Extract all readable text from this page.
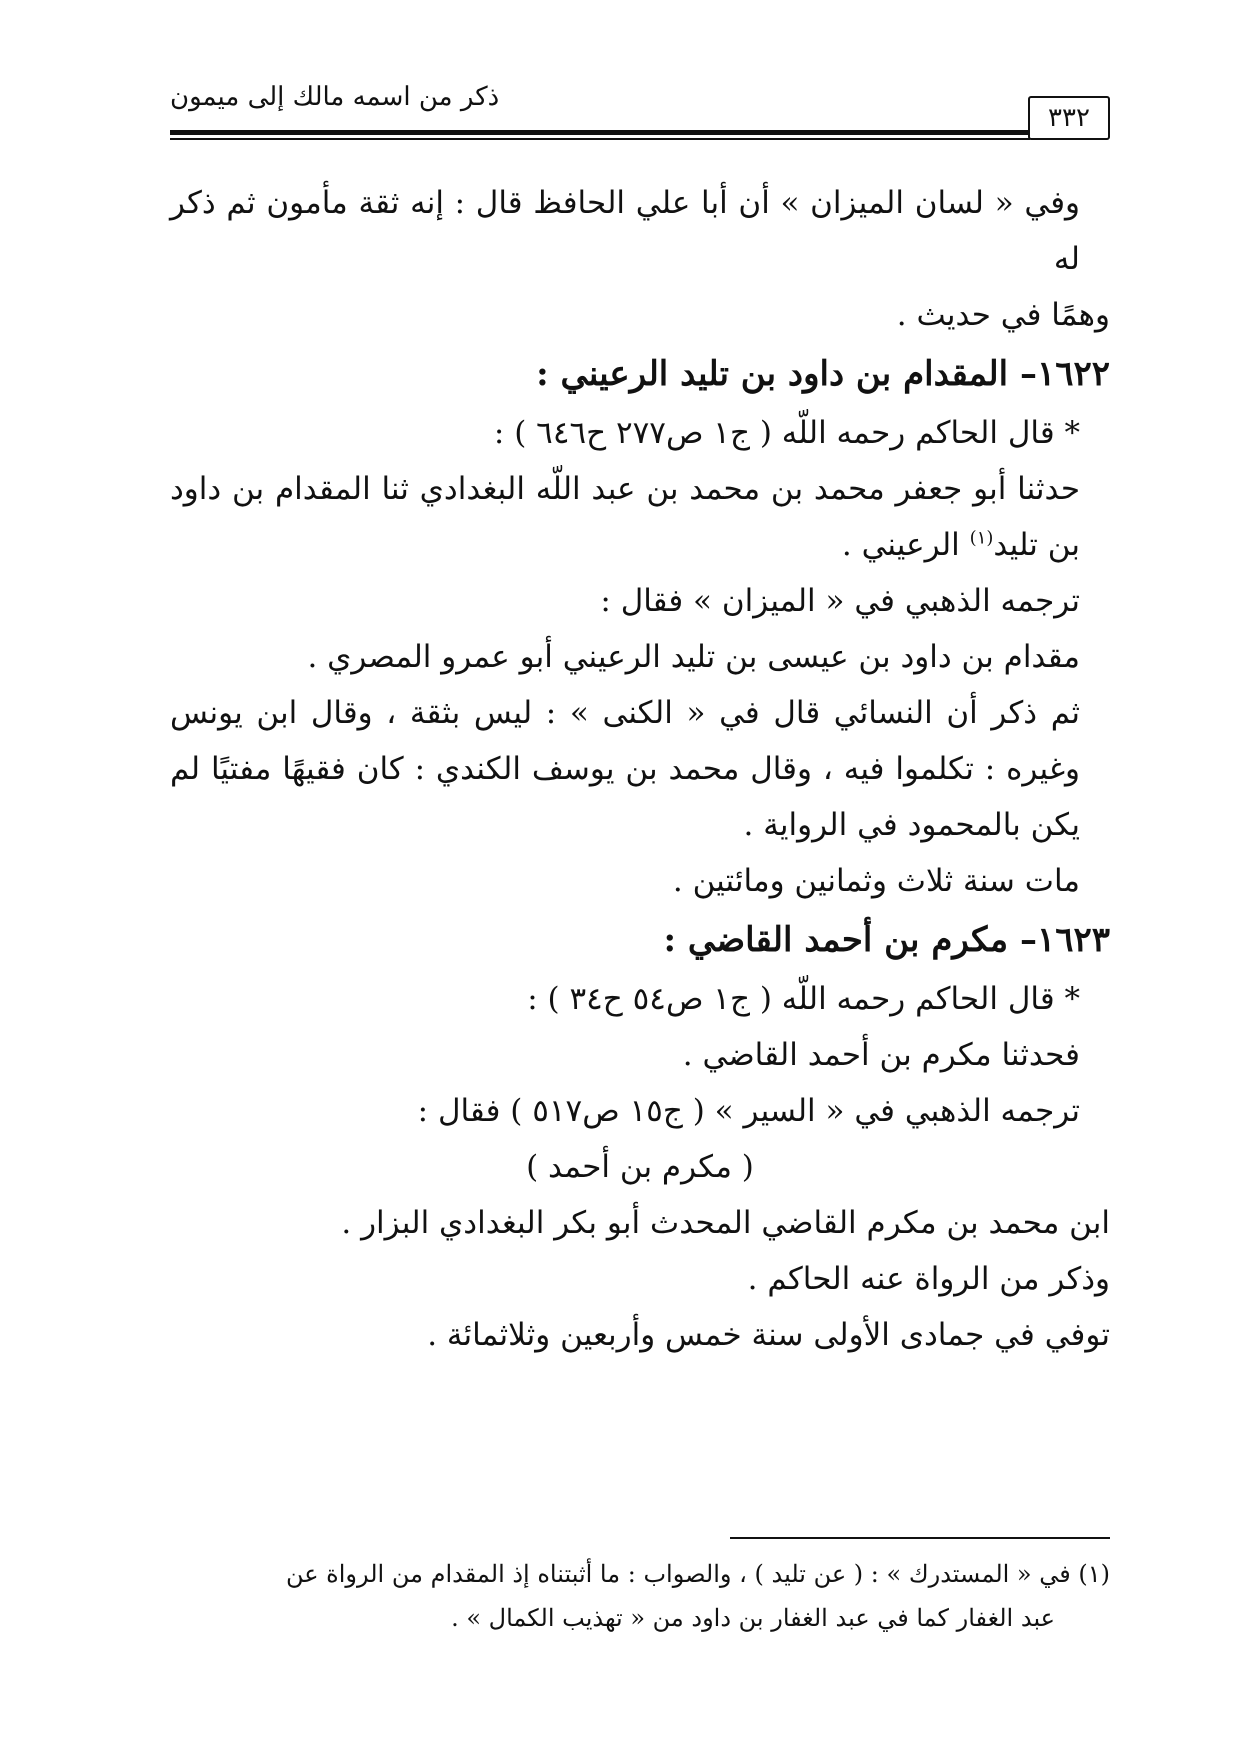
ذكر من اسمه مالك إلى ميمون
٣٣٢

وفي « لسان الميزان » أن أبا علي الحافظ قال : إنه ثقة مأمون ثم ذكر له

وهمًا في حديث .

١٦٢٢– المقدام بن داود بن تليد الرعيني :

* قال الحاكم رحمه اللّه ( ج١ ص٢٧٧ ح٦٤٦ ) :

حدثنا أبو جعفر محمد بن محمد بن عبد اللّه البغدادي ثنا المقدام بن داود بن تليد$^{(١)}$ الرعيني .

ترجمه الذهبي في « الميزان » فقال :

مقدام بن داود بن عيسى بن تليد الرعيني أبو عمرو المصري .

ثم ذكر أن النسائي قال في « الكنى » : ليس بثقة ، وقال ابن يونس وغيره : تكلموا فيه ، وقال محمد بن يوسف الكندي : كان فقيهًا مفتيًا لم يكن بالمحمود في الرواية .

مات سنة ثلاث وثمانين ومائتين .

١٦٢٣– مكرم بن أحمد القاضي :

* قال الحاكم رحمه اللّه ( ج١ ص٥٤ ح٣٤ ) :

فحدثنا مكرم بن أحمد القاضي .

ترجمه الذهبي في « السير » ( ج١٥ ص٥١٧ ) فقال :

( مكرم بن أحمد )

ابن محمد بن مكرم القاضي المحدث أبو بكر البغدادي البزار .

وذكر من الرواة عنه الحاكم .

توفي في جمادى الأولى سنة خمس وأربعين وثلاثمائة .

(١) في « المستدرك » : ( عن تليد ) ، والصواب : ما أثبتناه إذ المقدام من الرواة عن

عبد الغفار كما في عبد الغفار بن داود من « تهذيب الكمال » .
